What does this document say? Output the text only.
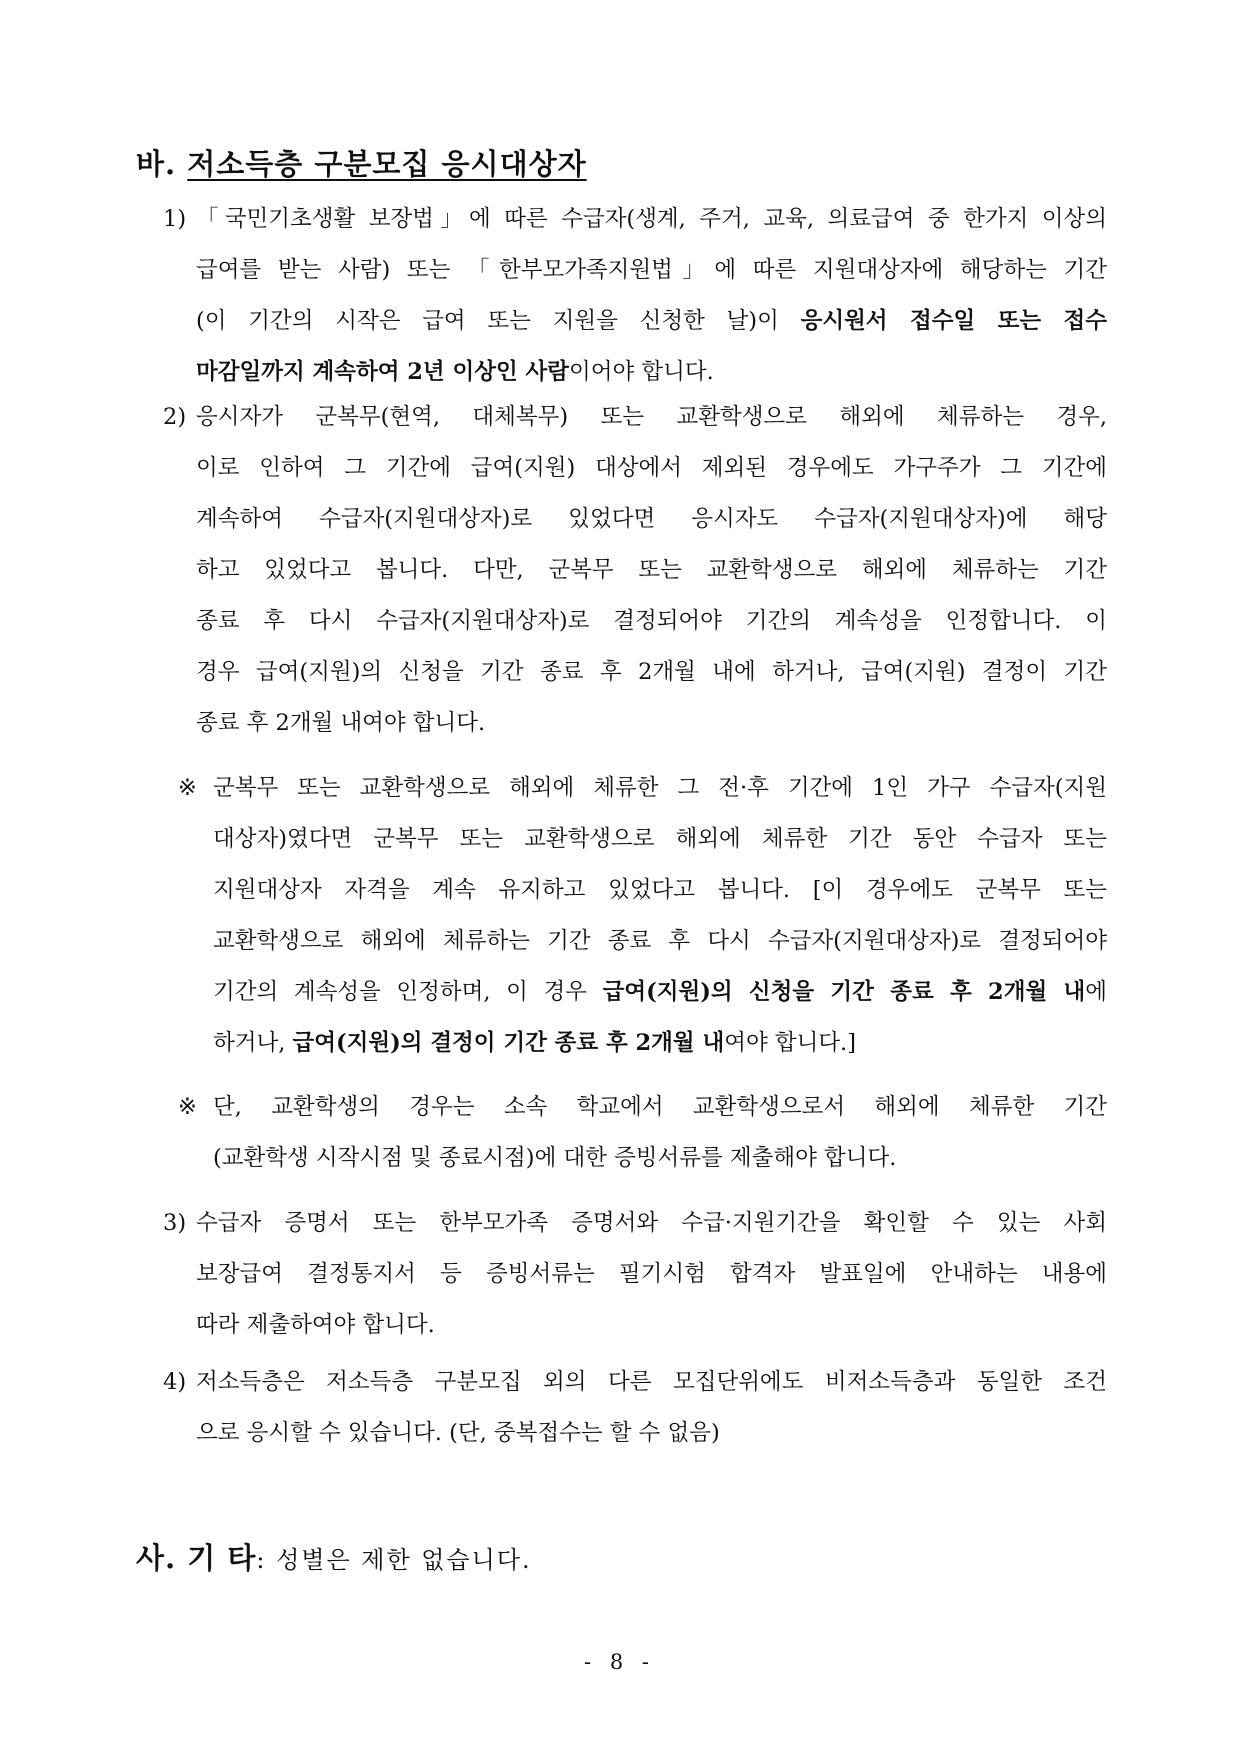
바. 저소득층 구분모집 응시대상자
1) 「국민기초생활 보장법」에 따른 수급자(생계, 주거, 교육, 의료급여 중 한가지 이상의
급여를 받는 사람) 또는 「한부모가족지원법」에 따른 지원대상자에 해당하는 기간
(이 기간의 시작은 급여 또는 지원을 신청한 날)이 응시원서 접수일 또는 접수
마감일까지 계속하여 2년 이상인 사람이어야 합니다.
2) 응시자가 군복무(현역, 대체복무) 또는 교환학생으로 해외에 체류하는 경우,
이로 인하여 그 기간에 급여(지원) 대상에서 제외된 경우에도 가구주가 그 기간에
계속하여 수급자(지원대상자)로 있었다면 응시자도 수급자(지원대상자)에 해당
하고 있었다고 봅니다. 다만, 군복무 또는 교환학생으로 해외에 체류하는 기간
종료 후 다시 수급자(지원대상자)로 결정되어야 기간의 계속성을 인정합니다. 이
경우 급여(지원)의 신청을 기간 종료 후 2개월 내에 하거나, 급여(지원) 결정이 기간
종료 후 2개월 내여야 합니다.
※ 군복무 또는 교환학생으로 해외에 체류한 그 전·후 기간에 1인 가구 수급자(지원
대상자)였다면 군복무 또는 교환학생으로 해외에 체류한 기간 동안 수급자 또는
지원대상자 자격을 계속 유지하고 있었다고 봅니다. [이 경우에도 군복무 또는
교환학생으로 해외에 체류하는 기간 종료 후 다시 수급자(지원대상자)로 결정되어야
기간의 계속성을 인정하며, 이 경우 급여(지원)의 신청을 기간 종료 후 2개월 내에
하거나, 급여(지원)의 결정이 기간 종료 후 2개월 내여야 합니다.]
※ 단, 교환학생의 경우는 소속 학교에서 교환학생으로서 해외에 체류한 기간
(교환학생 시작시점 및 종료시점)에 대한 증빙서류를 제출해야 합니다.
3) 수급자 증명서 또는 한부모가족 증명서와 수급·지원기간을 확인할 수 있는 사회
보장급여 결정통지서 등 증빙서류는 필기시험 합격자 발표일에 안내하는 내용에
따라 제출하여야 합니다.
4) 저소득층은 저소득층 구분모집 외의 다른 모집단위에도 비저소득층과 동일한 조건
으로 응시할 수 있습니다. (단, 중복접수는 할 수 없음)
사. 기 타: 성별은 제한 없습니다.
- 8 -
